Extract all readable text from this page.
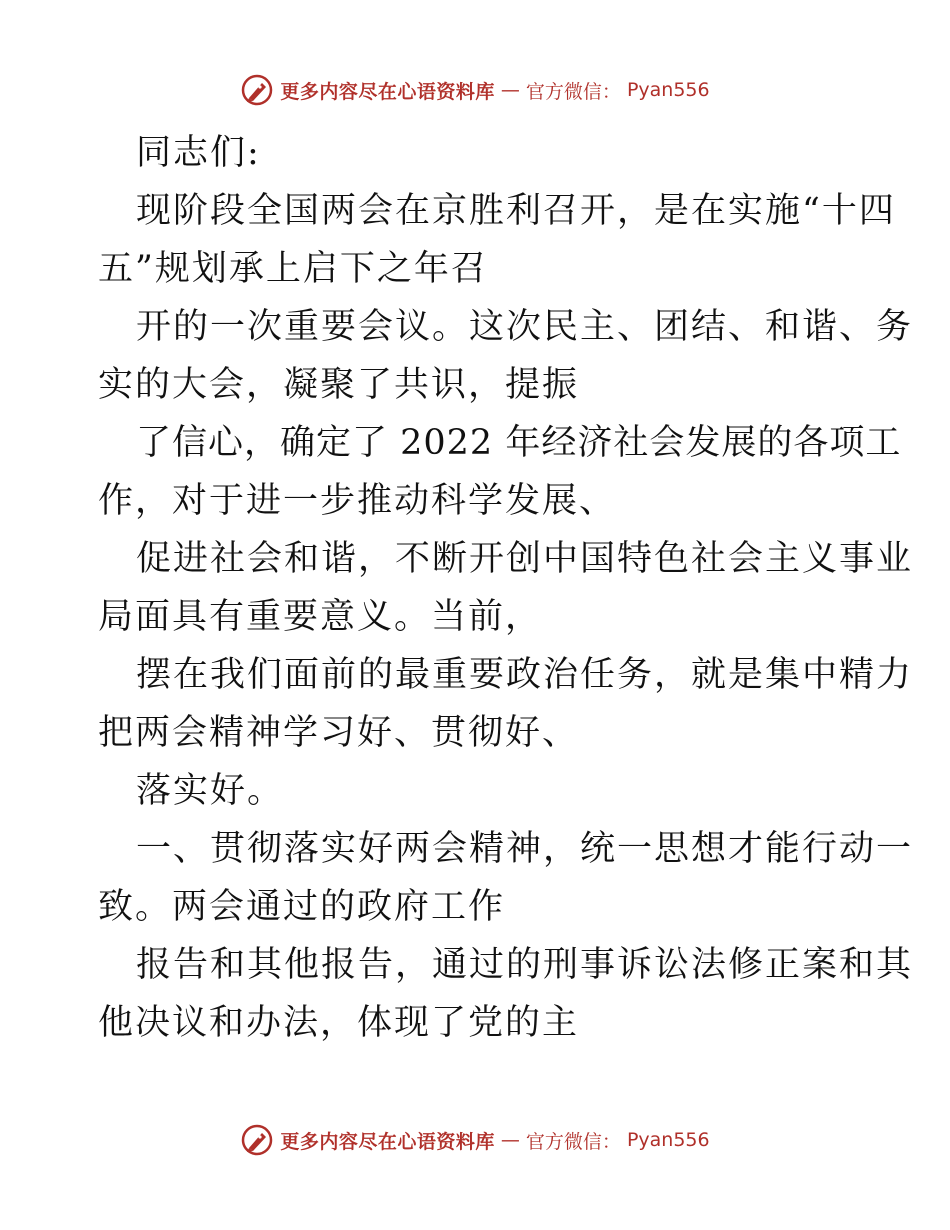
更多内容尽在心语资料库 — 官方微信： Pyan556
同志们:
现阶段全国两会在京胜利召开，是在实施“十四
五”规划承上启下之年召
开的一次重要会议。这次民主、团结、和谐、务
实的大会，凝聚了共识，提振
了信心，确定了 2022 年经济社会发展的各项工
作，对于进一步推动科学发展、
促进社会和谐，不断开创中国特色社会主义事业
局面具有重要意义。当前，
摆在我们面前的最重要政治任务，就是集中精力
把两会精神学习好、贯彻好、
落实好。
一、贯彻落实好两会精神，统一思想才能行动一
致。两会通过的政府工作
报告和其他报告，通过的刑事诉讼法修正案和其
他决议和办法，体现了党的主
更多内容尽在心语资料库 — 官方微信： Pyan556
